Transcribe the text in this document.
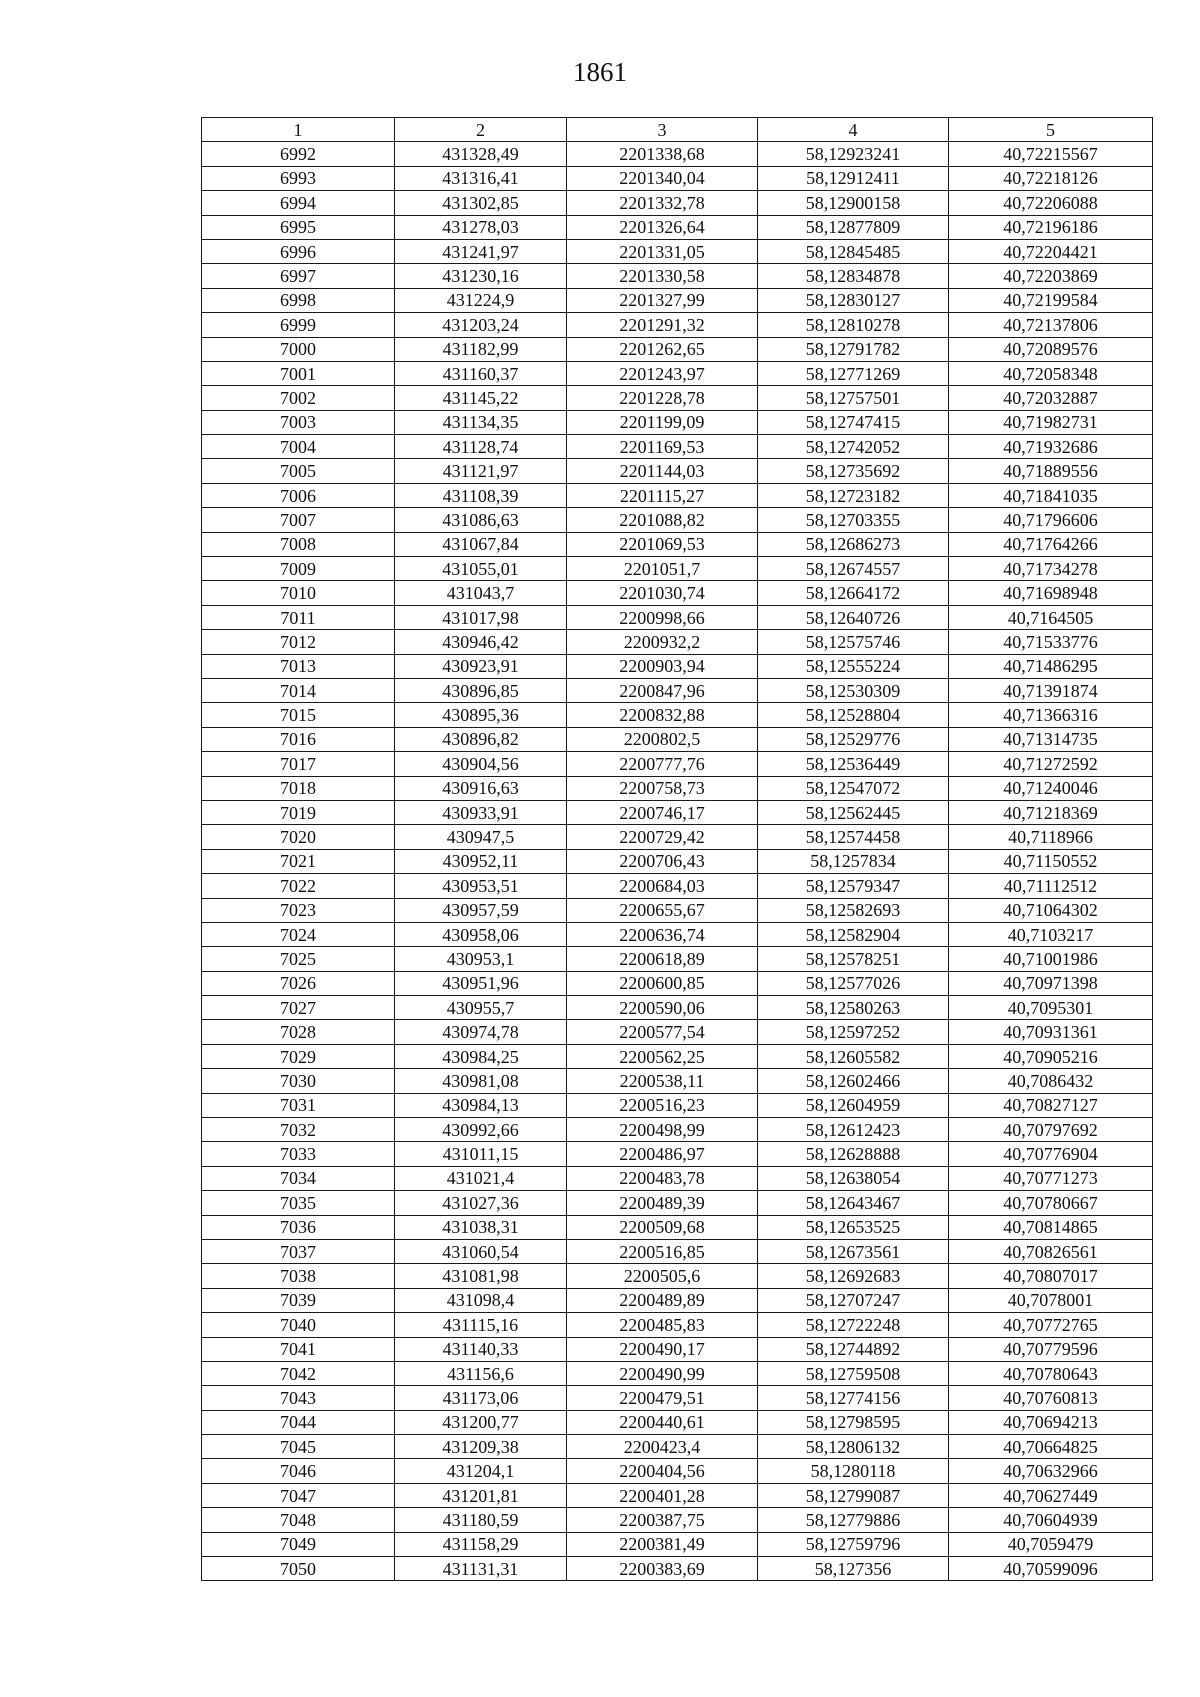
1861
1	2	3	4	5
6992	431328,49	2201338,68	58,12923241	40,72215567
6993	431316,41	2201340,04	58,12912411	40,72218126
6994	431302,85	2201332,78	58,12900158	40,72206088
6995	431278,03	2201326,64	58,12877809	40,72196186
6996	431241,97	2201331,05	58,12845485	40,72204421
6997	431230,16	2201330,58	58,12834878	40,72203869
6998	431224,9	2201327,99	58,12830127	40,72199584
6999	431203,24	2201291,32	58,12810278	40,72137806
7000	431182,99	2201262,65	58,12791782	40,72089576
7001	431160,37	2201243,97	58,12771269	40,72058348
7002	431145,22	2201228,78	58,12757501	40,72032887
7003	431134,35	2201199,09	58,12747415	40,71982731
7004	431128,74	2201169,53	58,12742052	40,71932686
7005	431121,97	2201144,03	58,12735692	40,71889556
7006	431108,39	2201115,27	58,12723182	40,71841035
7007	431086,63	2201088,82	58,12703355	40,71796606
7008	431067,84	2201069,53	58,12686273	40,71764266
7009	431055,01	2201051,7	58,12674557	40,71734278
7010	431043,7	2201030,74	58,12664172	40,71698948
7011	431017,98	2200998,66	58,12640726	40,7164505
7012	430946,42	2200932,2	58,12575746	40,71533776
7013	430923,91	2200903,94	58,12555224	40,71486295
7014	430896,85	2200847,96	58,12530309	40,71391874
7015	430895,36	2200832,88	58,12528804	40,71366316
7016	430896,82	2200802,5	58,12529776	40,71314735
7017	430904,56	2200777,76	58,12536449	40,71272592
7018	430916,63	2200758,73	58,12547072	40,71240046
7019	430933,91	2200746,17	58,12562445	40,71218369
7020	430947,5	2200729,42	58,12574458	40,7118966
7021	430952,11	2200706,43	58,1257834	40,71150552
7022	430953,51	2200684,03	58,12579347	40,71112512
7023	430957,59	2200655,67	58,12582693	40,71064302
7024	430958,06	2200636,74	58,12582904	40,7103217
7025	430953,1	2200618,89	58,12578251	40,71001986
7026	430951,96	2200600,85	58,12577026	40,70971398
7027	430955,7	2200590,06	58,12580263	40,7095301
7028	430974,78	2200577,54	58,12597252	40,70931361
7029	430984,25	2200562,25	58,12605582	40,70905216
7030	430981,08	2200538,11	58,12602466	40,7086432
7031	430984,13	2200516,23	58,12604959	40,70827127
7032	430992,66	2200498,99	58,12612423	40,70797692
7033	431011,15	2200486,97	58,12628888	40,70776904
7034	431021,4	2200483,78	58,12638054	40,70771273
7035	431027,36	2200489,39	58,12643467	40,70780667
7036	431038,31	2200509,68	58,12653525	40,70814865
7037	431060,54	2200516,85	58,12673561	40,70826561
7038	431081,98	2200505,6	58,12692683	40,70807017
7039	431098,4	2200489,89	58,12707247	40,7078001
7040	431115,16	2200485,83	58,12722248	40,70772765
7041	431140,33	2200490,17	58,12744892	40,70779596
7042	431156,6	2200490,99	58,12759508	40,70780643
7043	431173,06	2200479,51	58,12774156	40,70760813
7044	431200,77	2200440,61	58,12798595	40,70694213
7045	431209,38	2200423,4	58,12806132	40,70664825
7046	431204,1	2200404,56	58,1280118	40,70632966
7047	431201,81	2200401,28	58,12799087	40,70627449
7048	431180,59	2200387,75	58,12779886	40,70604939
7049	431158,29	2200381,49	58,12759796	40,7059479
7050	431131,31	2200383,69	58,127356	40,70599096
